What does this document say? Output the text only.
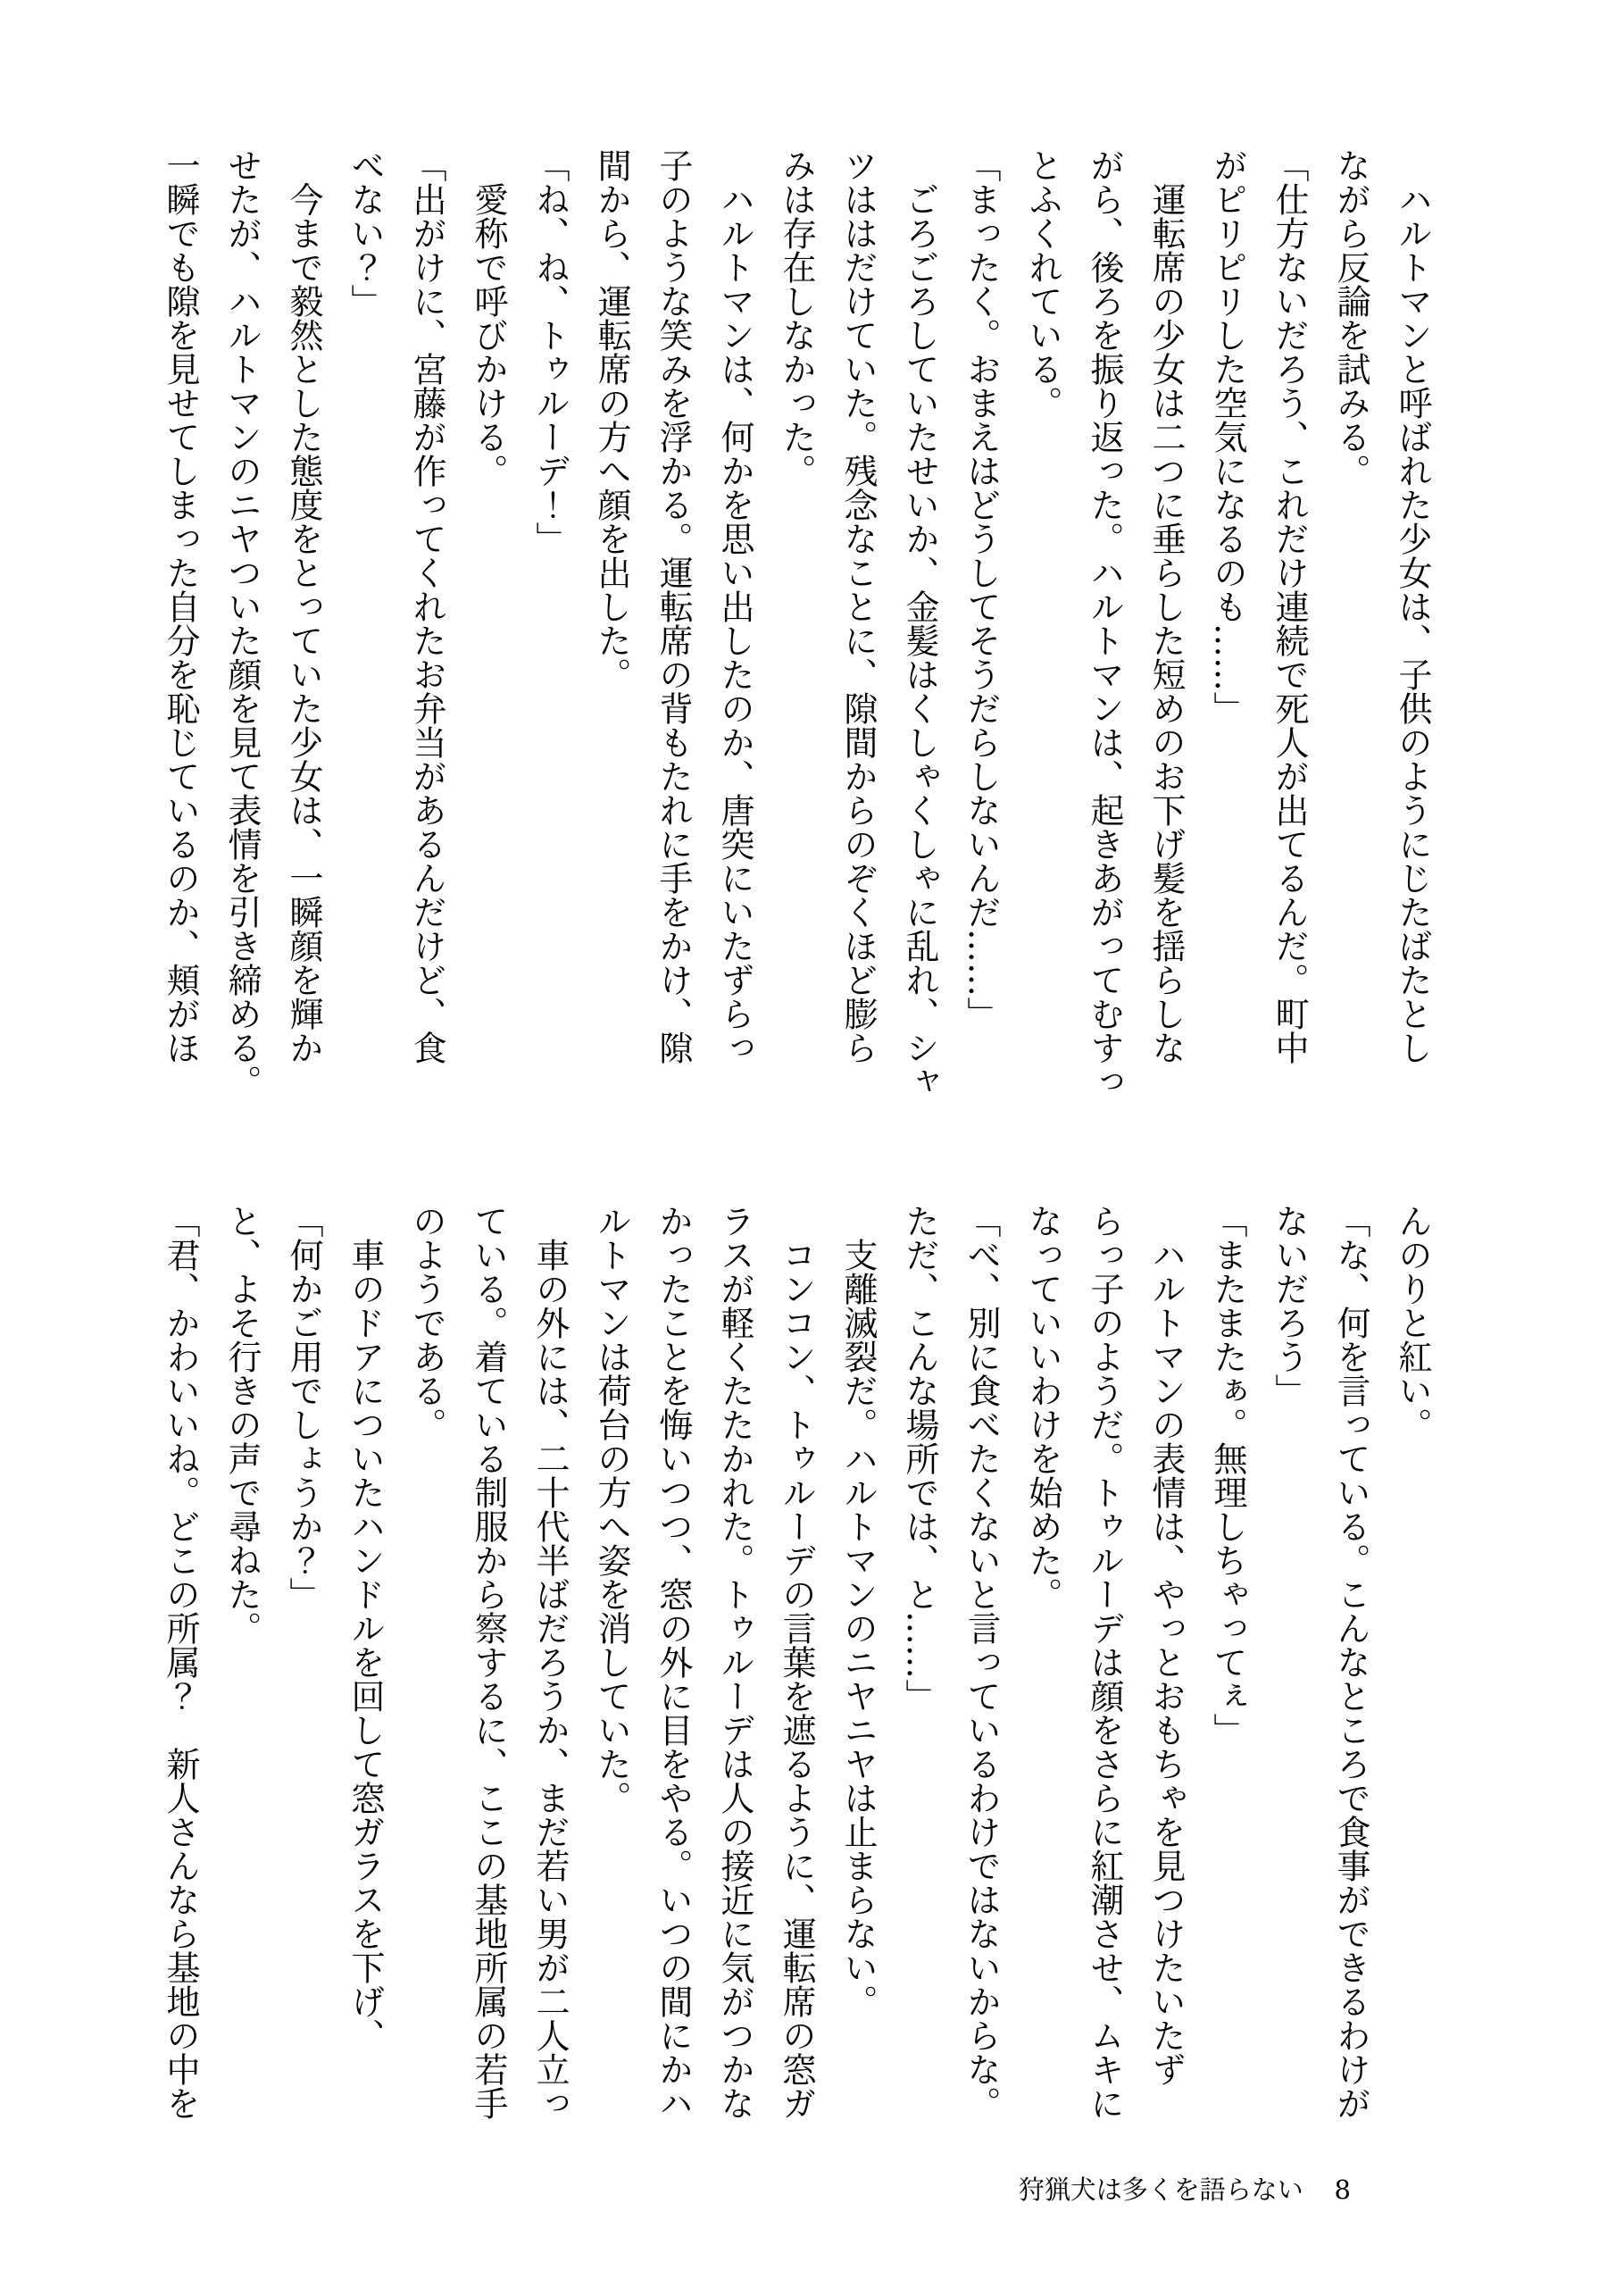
　ハルトマンと呼ばれた少女は、子供のようにじたばたとし

ながら反論を試みる。

「仕方ないだろう、これだけ連続で死人が出てるんだ。町中

がピリピリした空気になるのも……」

　運転席の少女は二つに垂らした短めのお下げ髪を揺らしな

がら、後ろを振り返った。ハルトマンは、起きあがってむすっ

とふくれている。

「まったく。おまえはどうしてそうだらしないんだ……」

　ごろごろしていたせいか、金髪はくしゃくしゃに乱れ、シャ

ツははだけていた。残念なことに、隙間からのぞくほど膨ら

みは存在しなかった。

　ハルトマンは、何かを思い出したのか、唐突にいたずらっ

子のような笑みを浮かる。運転席の背もたれに手をかけ、隙

間から、運転席の方へ顔を出した。

「ね、ね、トゥルーデ！」

　愛称で呼びかける。

「出がけに、宮藤が作ってくれたお弁当があるんだけど、食

べない？」

　今まで毅然とした態度をとっていた少女は、一瞬顔を輝か

せたが、ハルトマンのニヤついた顔を見て表情を引き締める。

一瞬でも隙を見せてしまった自分を恥じているのか、頬がほ

んのりと紅い。

「な、何を言っている。こんなところで食事ができるわけが

ないだろう」

「またまたぁ。無理しちゃってぇ」

　ハルトマンの表情は、やっとおもちゃを見つけたいたず

らっ子のようだ。トゥルーデは顔をさらに紅潮させ、ムキに

なっていいわけを始めた。

「べ、別に食べたくないと言っているわけではないからな。

ただ、こんな場所では、と……」

　支離滅裂だ。ハルトマンのニヤニヤは止まらない。

　コンコン、トゥルーデの言葉を遮るように、運転席の窓ガ

ラスが軽くたたかれた。トゥルーデは人の接近に気がつかな

かったことを悔いつつ、窓の外に目をやる。いつの間にかハ

ルトマンは荷台の方へ姿を消していた。

　車の外には、二十代半ばだろうか、まだ若い男が二人立っ

ている。着ている制服から察するに、ここの基地所属の若手

のようである。

　車のドアについたハンドルを回して窓ガラスを下げ、

「何かご用でしょうか？」

と、よそ行きの声で尋ねた。

「君、かわいいね。どこの所属？　新人さんなら基地の中を

狩猟犬は多くを語らない 8
